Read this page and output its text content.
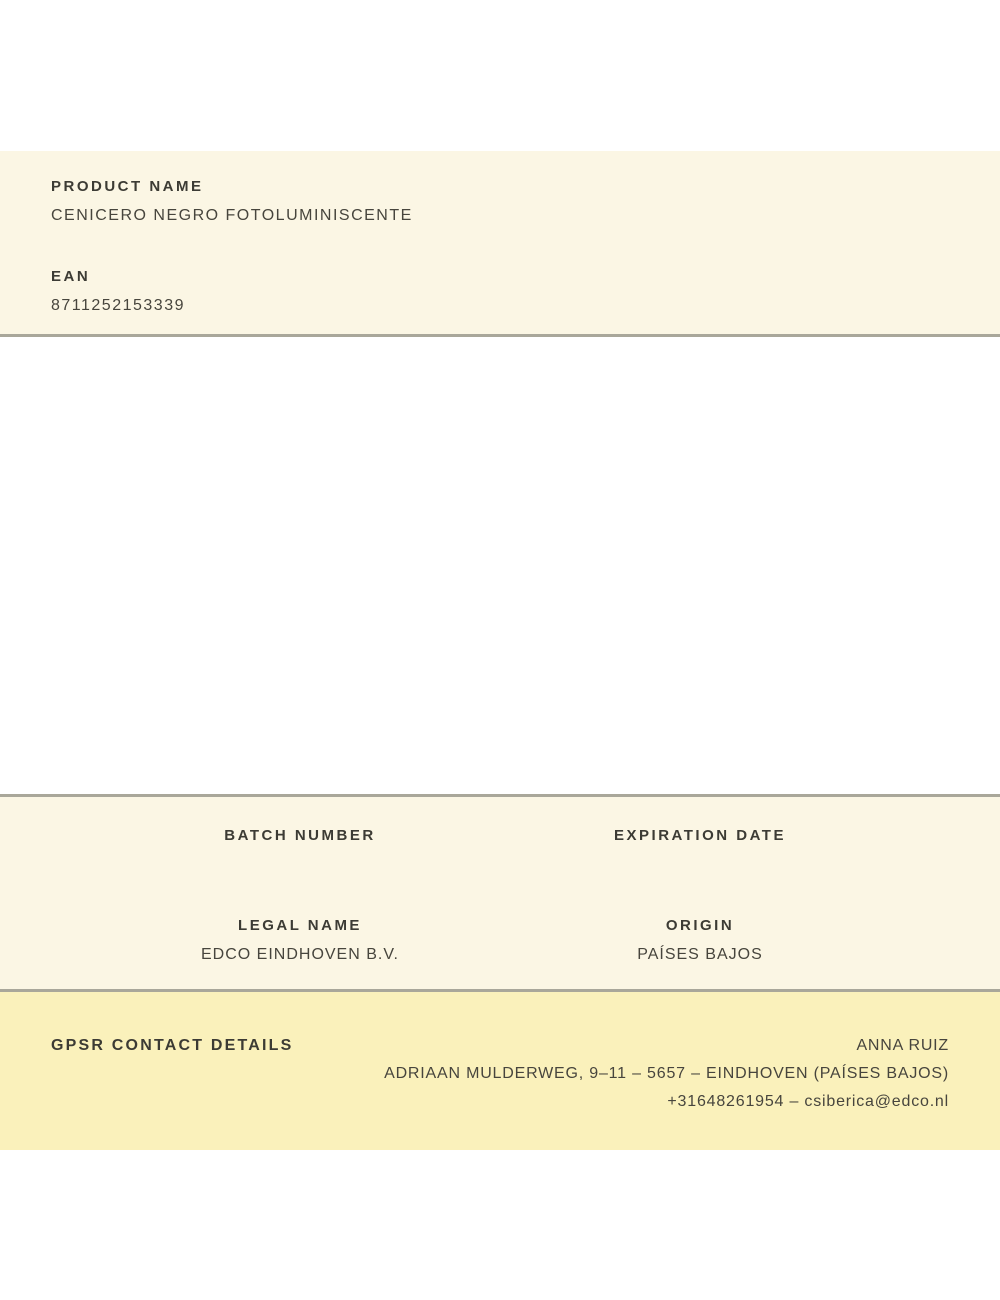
PRODUCT NAME
CENICERO NEGRO FOTOLUMINISCENTE
EAN
8711252153339
BATCH NUMBER	EXPIRATION DATE
LEGAL NAME
EDCO EINDHOVEN B.V.
ORIGIN
PAÍSES BAJOS
GPSR CONTACT DETAILS	ANNA RUIZ
ADRIAAN MULDERWEG, 9–11 – 5657 – EINDHOVEN (PAÍSES BAJOS)
+31648261954 – csiberica@edco.nl
